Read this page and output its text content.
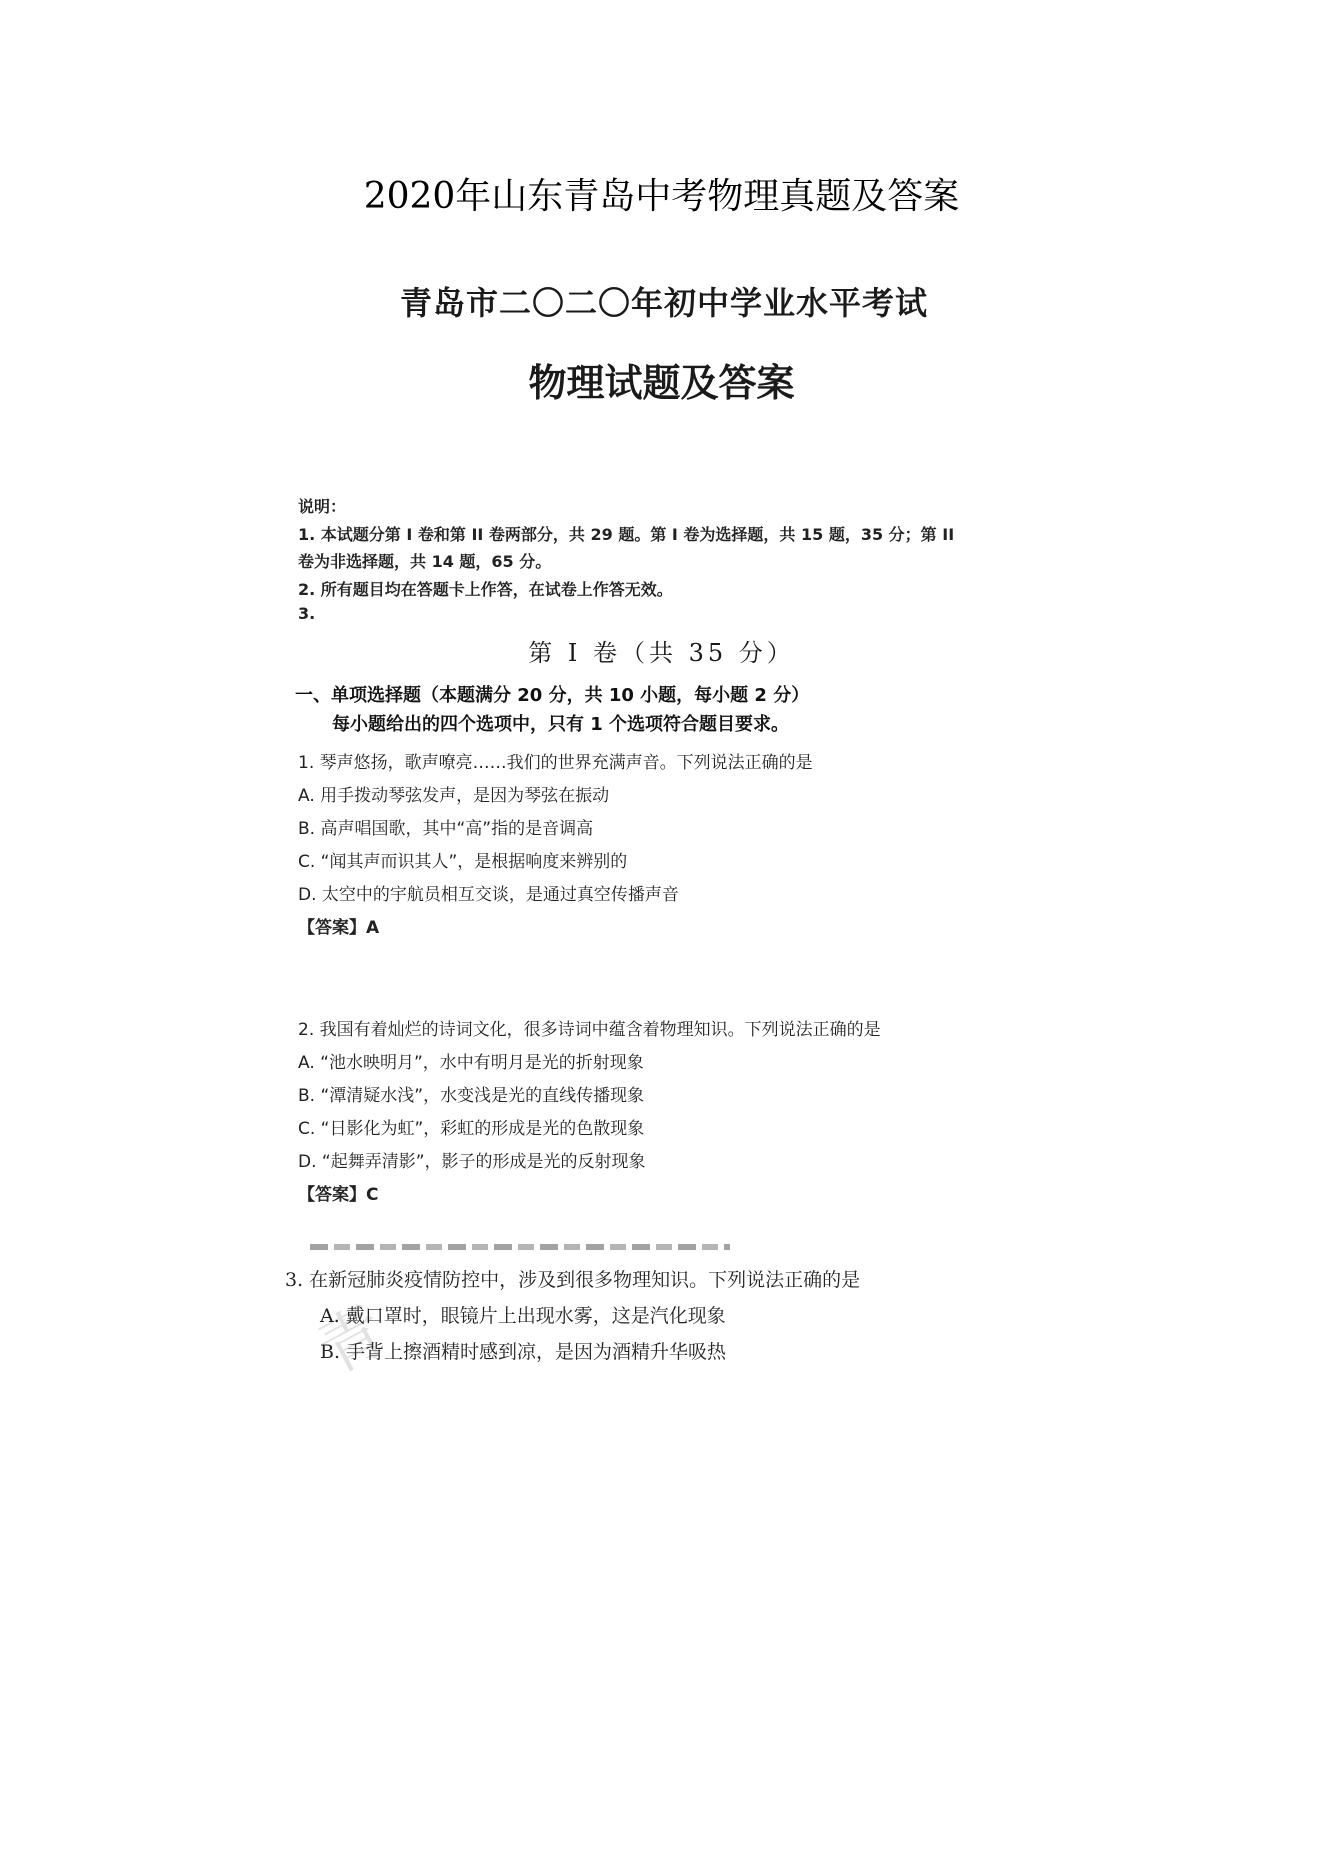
2020年山东青岛中考物理真题及答案
青岛市二〇二〇年初中学业水平考试
物理试题及答案
说明：
1. 本试题分第 I 卷和第 II 卷两部分，共 29 题。第 I 卷为选择题，共 15 题，35 分；第 II
卷为非选择题，共 14 题，65 分。
2. 所有题目均在答题卡上作答，在试卷上作答无效。
3.
第 I 卷（共 35 分）
一、单项选择题（本题满分 20 分，共 10 小题，每小题 2 分）
每小题给出的四个选项中，只有 1 个选项符合题目要求。
1. 琴声悠扬，歌声嘹亮……我们的世界充满声音。下列说法正确的是
A. 用手拨动琴弦发声，是因为琴弦在振动
B. 高声唱国歌，其中“高”指的是音调高
C. “闻其声而识其人”，是根据响度来辨别的
D. 太空中的宇航员相互交谈，是通过真空传播声音
【答案】A
2. 我国有着灿烂的诗词文化，很多诗词中蕴含着物理知识。下列说法正确的是
A. “池水映明月”，水中有明月是光的折射现象
B. “潭清疑水浅”，水变浅是光的直线传播现象
C. “日影化为虹”，彩虹的形成是光的色散现象
D. “起舞弄清影”，影子的形成是光的反射现象
【答案】C
青
3. 在新冠肺炎疫情防控中，涉及到很多物理知识。下列说法正确的是
A. 戴口罩时，眼镜片上出现水雾，这是汽化现象
B. 手背上擦酒精时感到凉，是因为酒精升华吸热
